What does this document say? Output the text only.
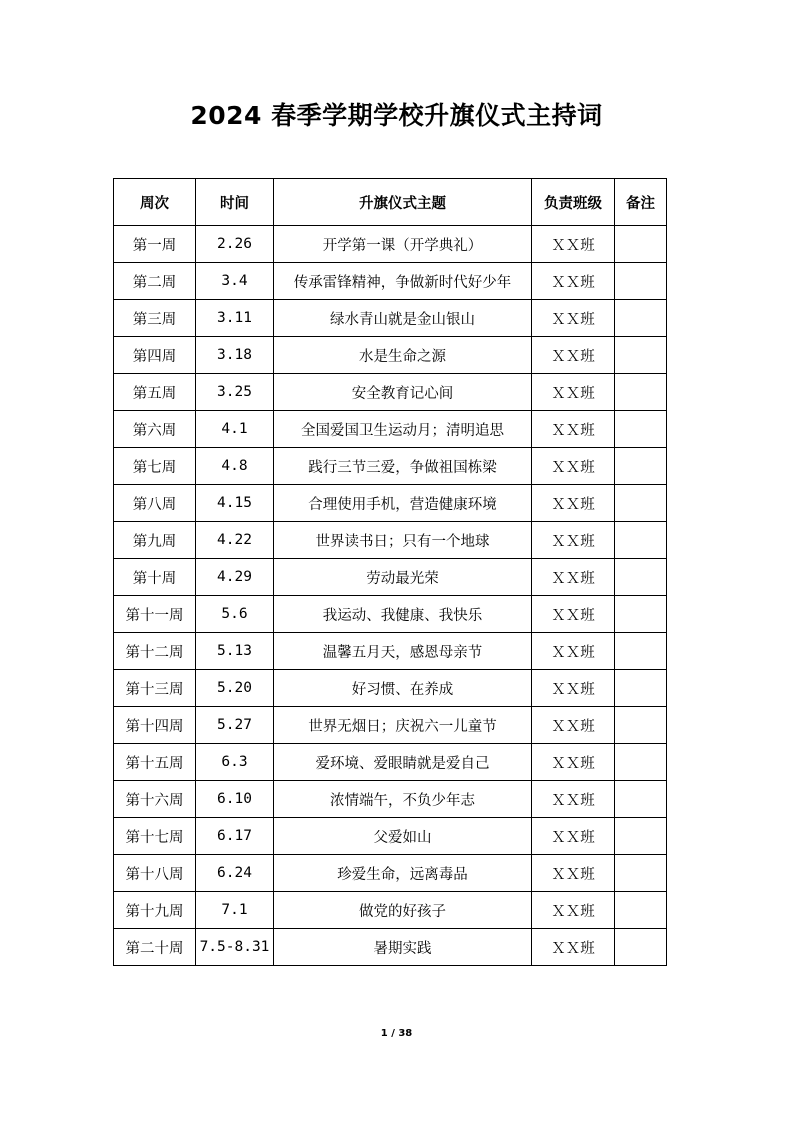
2024 春季学期学校升旗仪式主持词
周次	时间	升旗仪式主题	负责班级	备注
第一周	2.26	开学第一课（开学典礼）	ＸＸ班	
第二周	3.4	传承雷锋精神，争做新时代好少年	ＸＸ班	
第三周	3.11	绿水青山就是金山银山	ＸＸ班	
第四周	3.18	水是生命之源	ＸＸ班	
第五周	3.25	安全教育记心间	ＸＸ班	
第六周	4.1	全国爱国卫生运动月；清明追思	ＸＸ班	
第七周	4.8	践行三节三爱，争做祖国栋梁	ＸＸ班	
第八周	4.15	合理使用手机，营造健康环境	ＸＸ班	
第九周	4.22	世界读书日；只有一个地球	ＸＸ班	
第十周	4.29	劳动最光荣	ＸＸ班	
第十一周	5.6	我运动、我健康、我快乐	ＸＸ班	
第十二周	5.13	温馨五月天，感恩母亲节	ＸＸ班	
第十三周	5.20	好习惯、在养成	ＸＸ班	
第十四周	5.27	世界无烟日；庆祝六一儿童节	ＸＸ班	
第十五周	6.3	爱环境、爱眼睛就是爱自己	ＸＸ班	
第十六周	6.10	浓情端午，不负少年志	ＸＸ班	
第十七周	6.17	父爱如山	ＸＸ班	
第十八周	6.24	珍爱生命，远离毒品	ＸＸ班	
第十九周	7.1	做党的好孩子	ＸＸ班	
第二十周	7.5-8.31	暑期实践	ＸＸ班	
1 / 38
